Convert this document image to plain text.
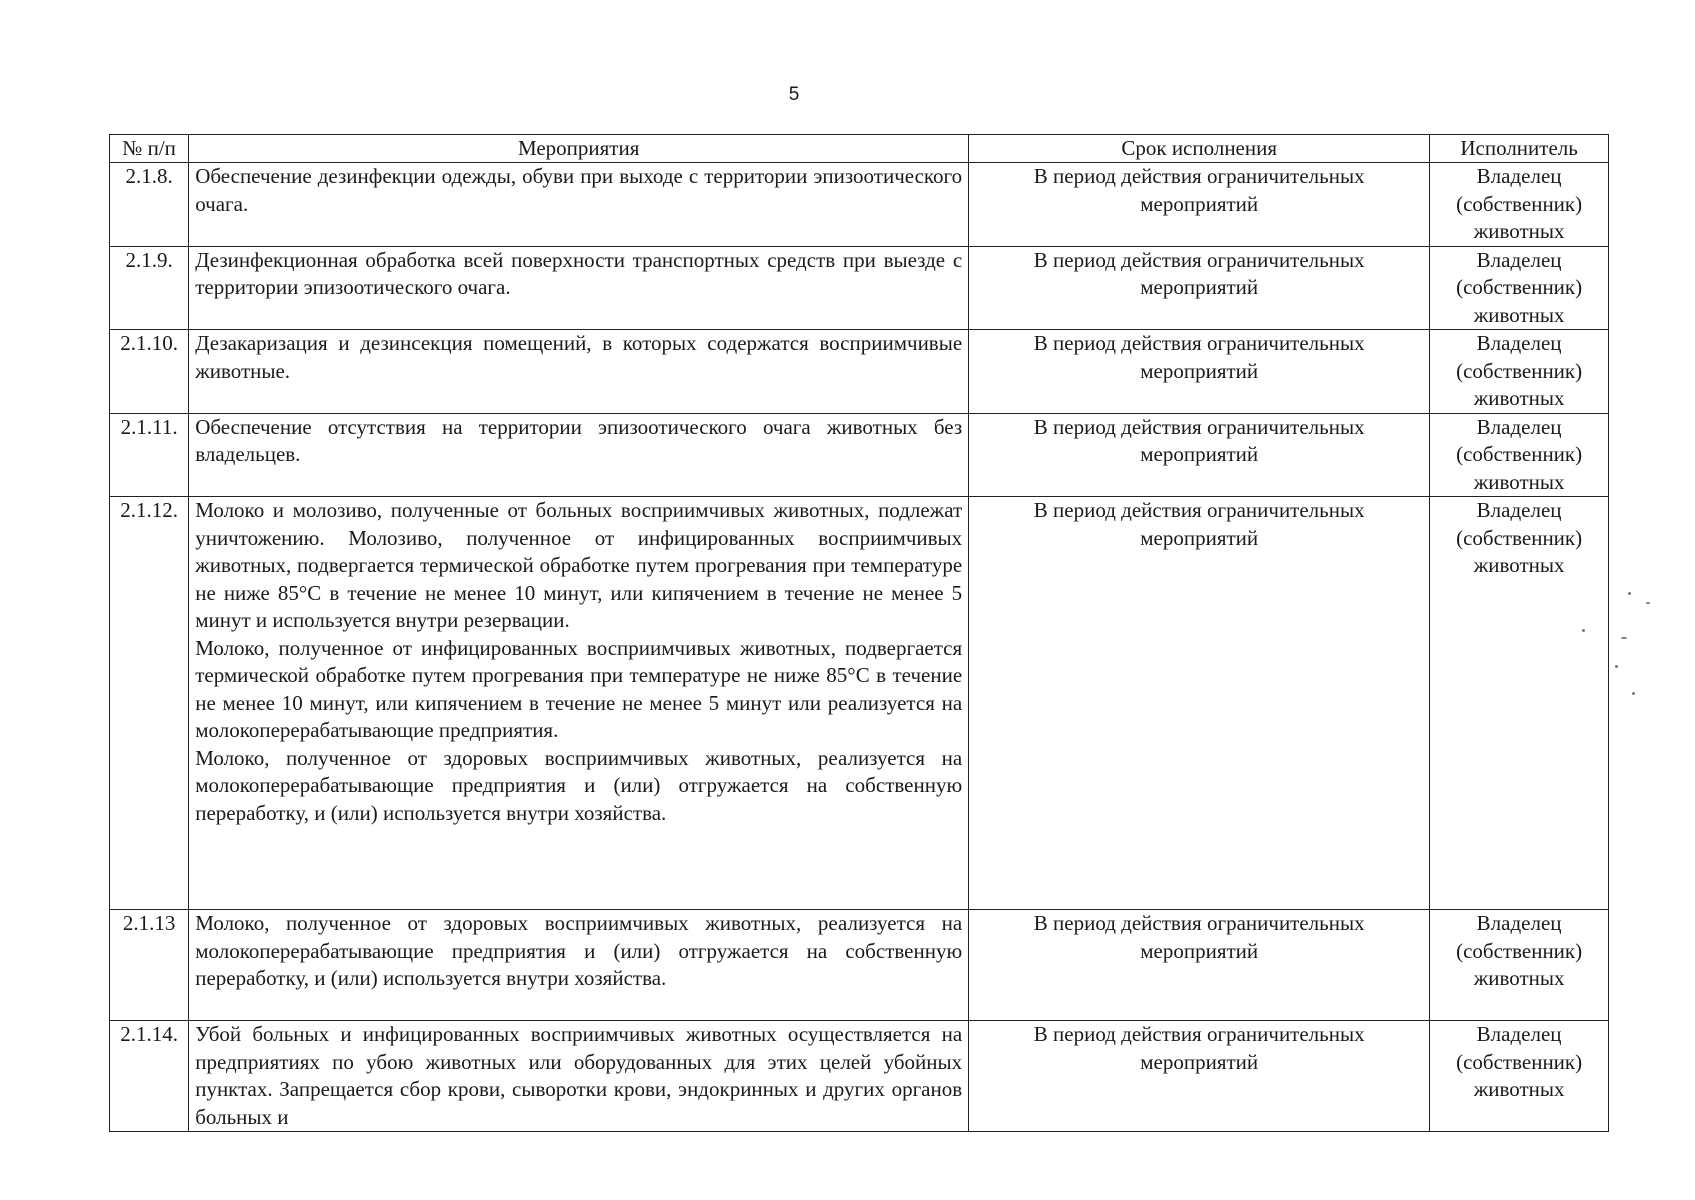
5
№ п/п	Мероприятия	Срок исполнения	Исполнитель
2.1.8.	Обеспечение дезинфекции одежды, обуви при выходе с территории эпизоотического очага.	В период действия ограничительных мероприятий	Владелец (собственник) животных
2.1.9.	Дезинфекционная обработка всей поверхности транспортных средств при выезде с территории эпизоотического очага.	В период действия ограничительных мероприятий	Владелец (собственник) животных
2.1.10.	Дезакаризация и дезинсекция помещений, в которых содержатся восприимчивые животные.	В период действия ограничительных мероприятий	Владелец (собственник) животных
2.1.11.	Обеспечение отсутствия на территории эпизоотического очага животных без владельцев.	В период действия ограничительных мероприятий	Владелец (собственник) животных
2.1.12.	Молоко и молозиво, полученные от больных восприимчивых животных, подлежат уничтожению. Молозиво, полученное от инфицированных восприимчивых животных, подвергается термической обработке путем прогревания при температуре не ниже 85°С в течение не менее 10 минут, или кипячением в течение не менее 5 минут и используется внутри резервации.
Молоко, полученное от инфицированных восприимчивых животных, подвергается термической обработке путем прогревания при температуре не ниже 85°С в течение не менее 10 минут, или кипячением в течение не менее 5 минут или реализуется на молокоперерабатывающие предприятия.
Молоко, полученное от здоровых восприимчивых животных, реализуется на молокоперерабатывающие предприятия и (или) отгружается на собственную переработку, и (или) используется внутри хозяйства.	В период действия ограничительных мероприятий	Владелец (собственник) животных
2.1.13	Молоко, полученное от здоровых восприимчивых животных, реализуется на молокоперерабатывающие предприятия и (или) отгружается на собственную переработку, и (или) используется внутри хозяйства.	В период действия ограничительных мероприятий	Владелец (собственник) животных
2.1.14.	Убой больных и инфицированных восприимчивых животных осуществляется на предприятиях по убою животных или оборудованных для этих целей убойных пунктах. Запрещается сбор крови, сыворотки крови, эндокринных и других органов больных и	В период действия ограничительных мероприятий	Владелец (собственник) животных
